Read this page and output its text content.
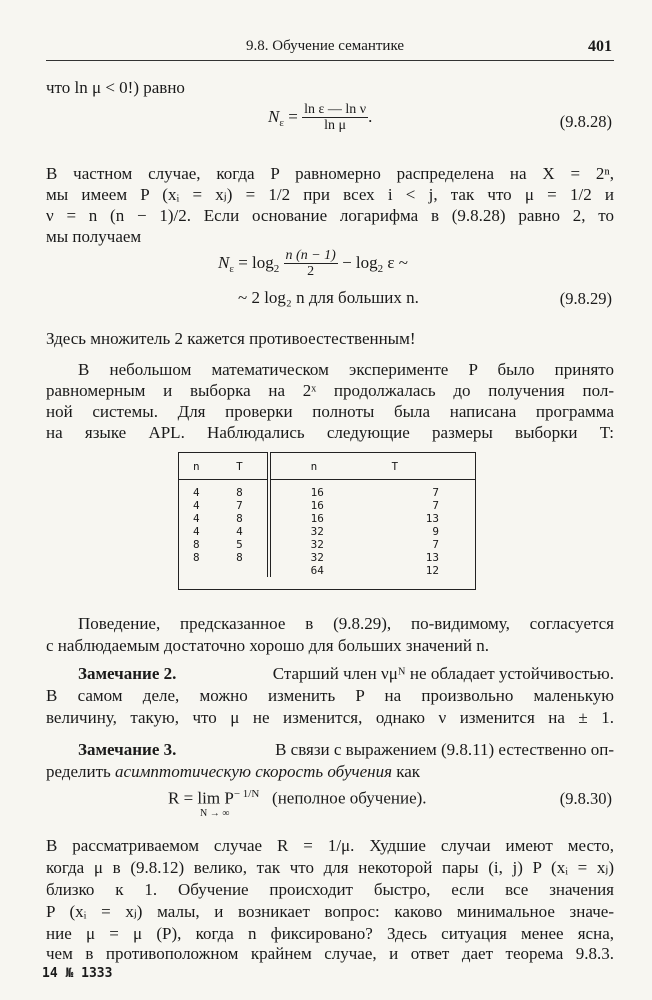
9.8. Обучение семантике	401
что ln μ < 0!) равно
$N_\varepsilon = \frac{\text{ln ε — ln ν}}{\text{ln μ}}$ .	(9.8.28)
В частном случае, когда P равномерно распределена на X = 2ⁿ,
мы имеем P (xᵢ = xⱼ) = 1/2 при всех i < j, так что μ = 1/2 и
ν = n (n − 1)/2. Если основание логарифма в (9.8.28) равно 2, то
мы получаем
$N_\varepsilon = \log_2 \frac{n (n - 1)}{2} - \log_2 \varepsilon$ ~
~ 2 log₂ n для больших n.	(9.8.29)
Здесь множитель 2 кажется противоестественным!
В небольшом математическом эксперименте P было принято
равномерным и выборка на 2ˣ продолжалась до получения пол-
ной системы. Для проверки полноты была написана программа
на языке APL. Наблюдались следующие размеры выборки T:
n	T	n	T
4	8	16	7
4	7	16	7
4	8	16	13
4	4	32	9
8	5	32	7
8	8	32	13
		64	12

Поведение, предсказанное в (9.8.29), по-видимому, согласуется
с наблюдаемым достаточно хорошо для больших значений n.
Замечание 2.	Старший член νμᴺ не обладает устойчивостью.
В самом деле, можно изменить P на произвольно маленькую
величину, такую, что μ не изменится, однако ν изменится на ± 1.
Замечание 3.	В связи с выражением (9.8.11) естественно оп-
ределить асимптотическую скорость обучения как
$R = \lim P^{- 1/N}$ (неполное обучение).
N → ∞
(9.8.30)
В рассматриваемом случае R = 1/μ. Худшие случаи имеют место,
когда μ в (9.8.12) велико, так что для некоторой пары (i, j) P (xᵢ = xⱼ)
близко к 1. Обучение происходит быстро, если все значения
P (xᵢ = xⱼ) малы, и возникает вопрос: каково минимальное значе-
ние μ = μ (P), когда n фиксировано? Здесь ситуация менее ясна,
чем в противоположном крайнем случае, и ответ дает теорема 9.8.3.
14 № 1333
